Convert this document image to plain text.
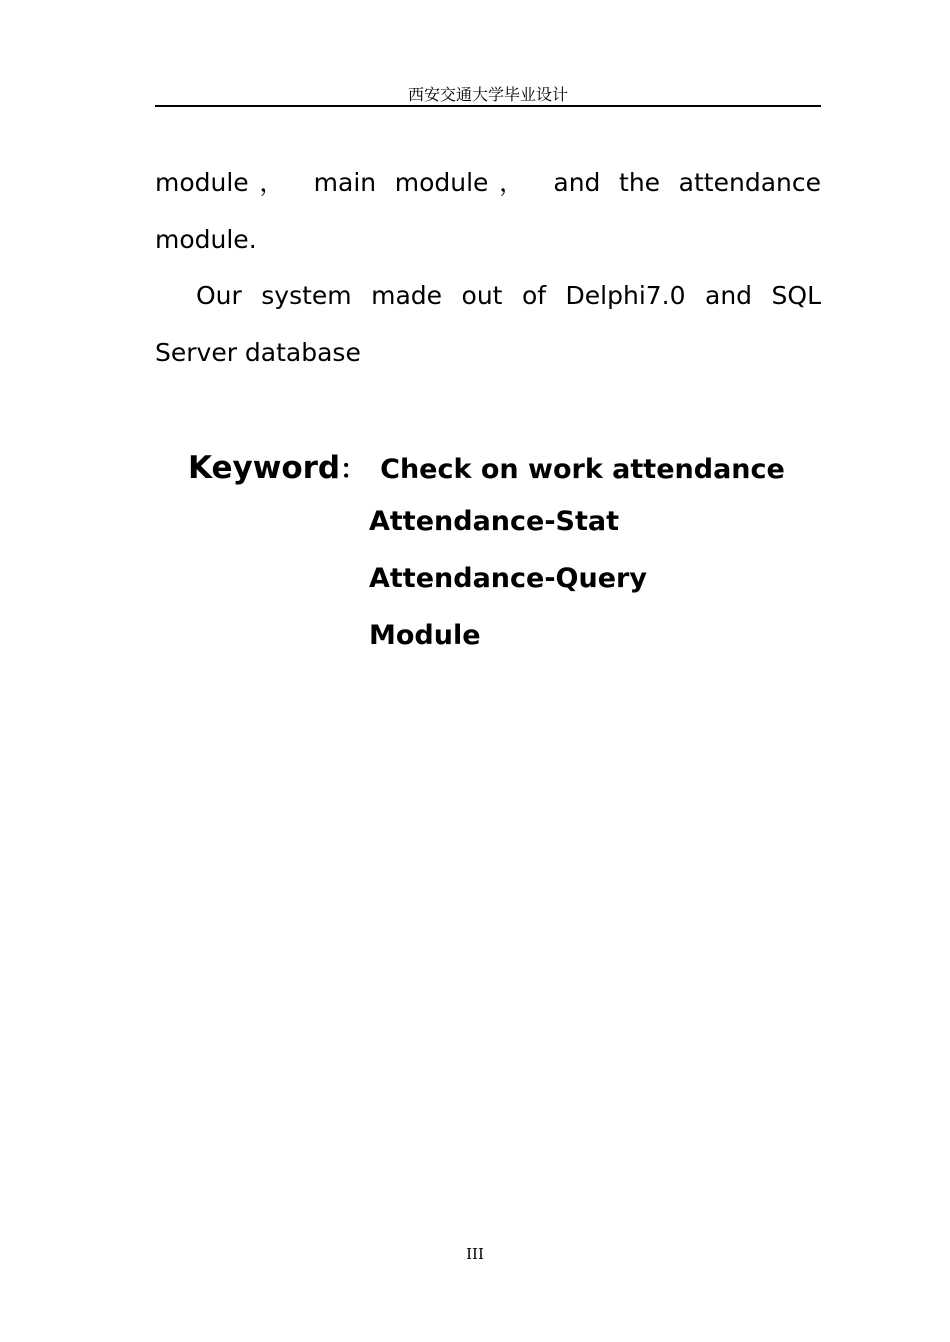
西安交通大学毕业设计
module， main module， and the attendance
module.
Our system made out of Delphi7.0 and SQL
Server database
Keyword： Check on work attendance
Attendance-Stat
Attendance-Query
Module
III
